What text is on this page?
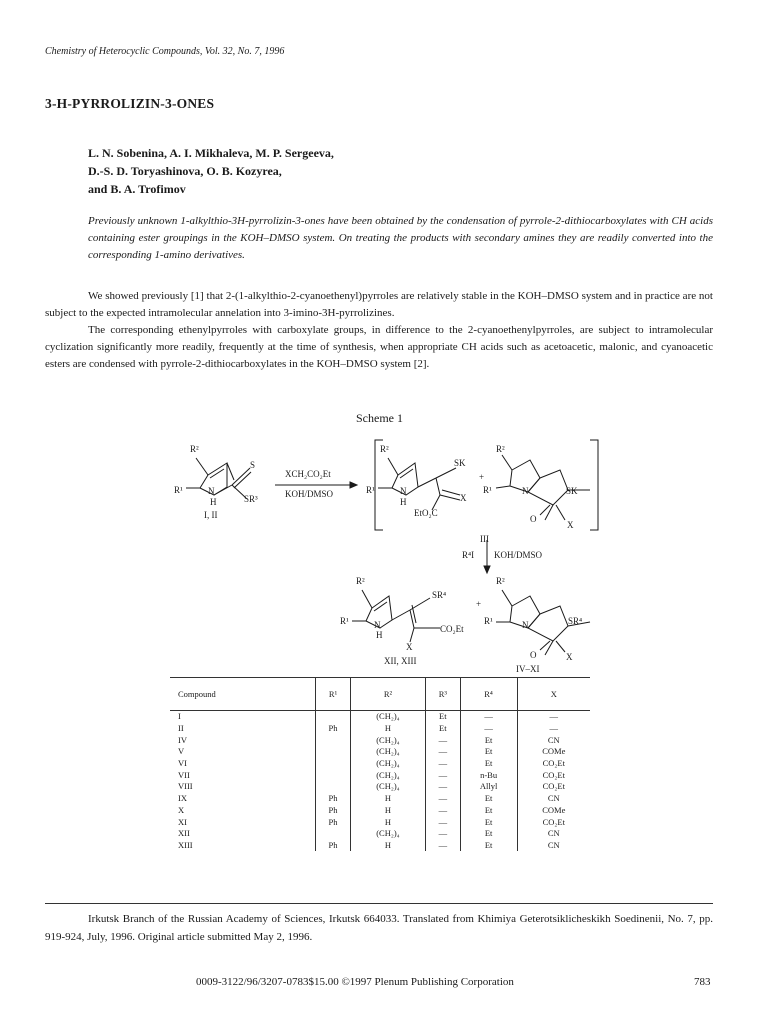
Chemistry of Heterocyclic Compounds, Vol. 32, No. 7, 1996
3-H-PYRROLIZIN-3-ONES
L. N. Sobenina, A. I. Mikhaleva, M. P. Sergeeva,
D.-S. D. Toryashinova, O. B. Kozyrea,
and B. A. Trofimov
Previously unknown 1-alkylthio-3H-pyrrolizin-3-ones have been obtained by the condensation of pyrrole-2-dithiocarboxylates with CH acids containing ester groupings in the KOH–DMSO system. On treating the products with secondary amines they are readily converted into the corresponding 1-amino derivatives.

We showed previously [1] that 2-(1-alkylthio-2-cyanoethenyl)pyrroles are relatively stable in the KOH–DMSO system and in practice are not subject to the expected intramolecular annelation into 3-imino-3H-pyrrolizines.

The corresponding ethenylpyrroles with carboxylate groups, in difference to the 2-cyanoethenylpyrroles, are subject to intramolecular cyclization significantly more readily, frequently at the time of synthesis, when appropriate CH acids such as acetoacetic, malonic, and cyanoacetic esters are condensed with pyrrole-2-dithiocarboxylates in the KOH–DMSO system [2].

Scheme 1
R²
R¹
S
SR³
N
H
I, II
XCH₂CO₂Et
KOH/DMSO
R²
R¹	N
H
SK
X
EtO₂C
+
III
R²
R¹	N	SK
O
X
R⁴I KOH/DMSO
R²
R¹	N
H
SR⁴
CO₂Et
X
+
XII, XIII
R²
R¹	N	SR⁴
O	X
IV–XI
Compound	R¹	R²	R³	R⁴	X
I		(CH₂)₄	Et	—	—
II	Ph	H	Et	—	—
IV		(CH₂)₄	—	Et	CN
V		(CH₂)₄	—	Et	COMe
VI		(CH₂)₄	—	Et	CO₂Et
VII		(CH₂)₄	—	n-Bu	CO₂Et
VIII		(CH₂)₄	—	Allyl	CO₂Et
IX	Ph	H	—	Et	CN
X	Ph	H	—	Et	COMe
XI	Ph	H	—	Et	CO₂Et
XII		(CH₂)₄	—	Et	CN
XIII	Ph	H	—	Et	CN

Irkutsk Branch of the Russian Academy of Sciences, Irkutsk 664033. Translated from Khimiya Geterotsiklicheskikh Soedinenii, No. 7, pp. 919-924, July, 1996. Original article submitted May 2, 1996.

0009-3122/96/3207-0783$15.00 ©1997 Plenum Publishing Corporation	783
